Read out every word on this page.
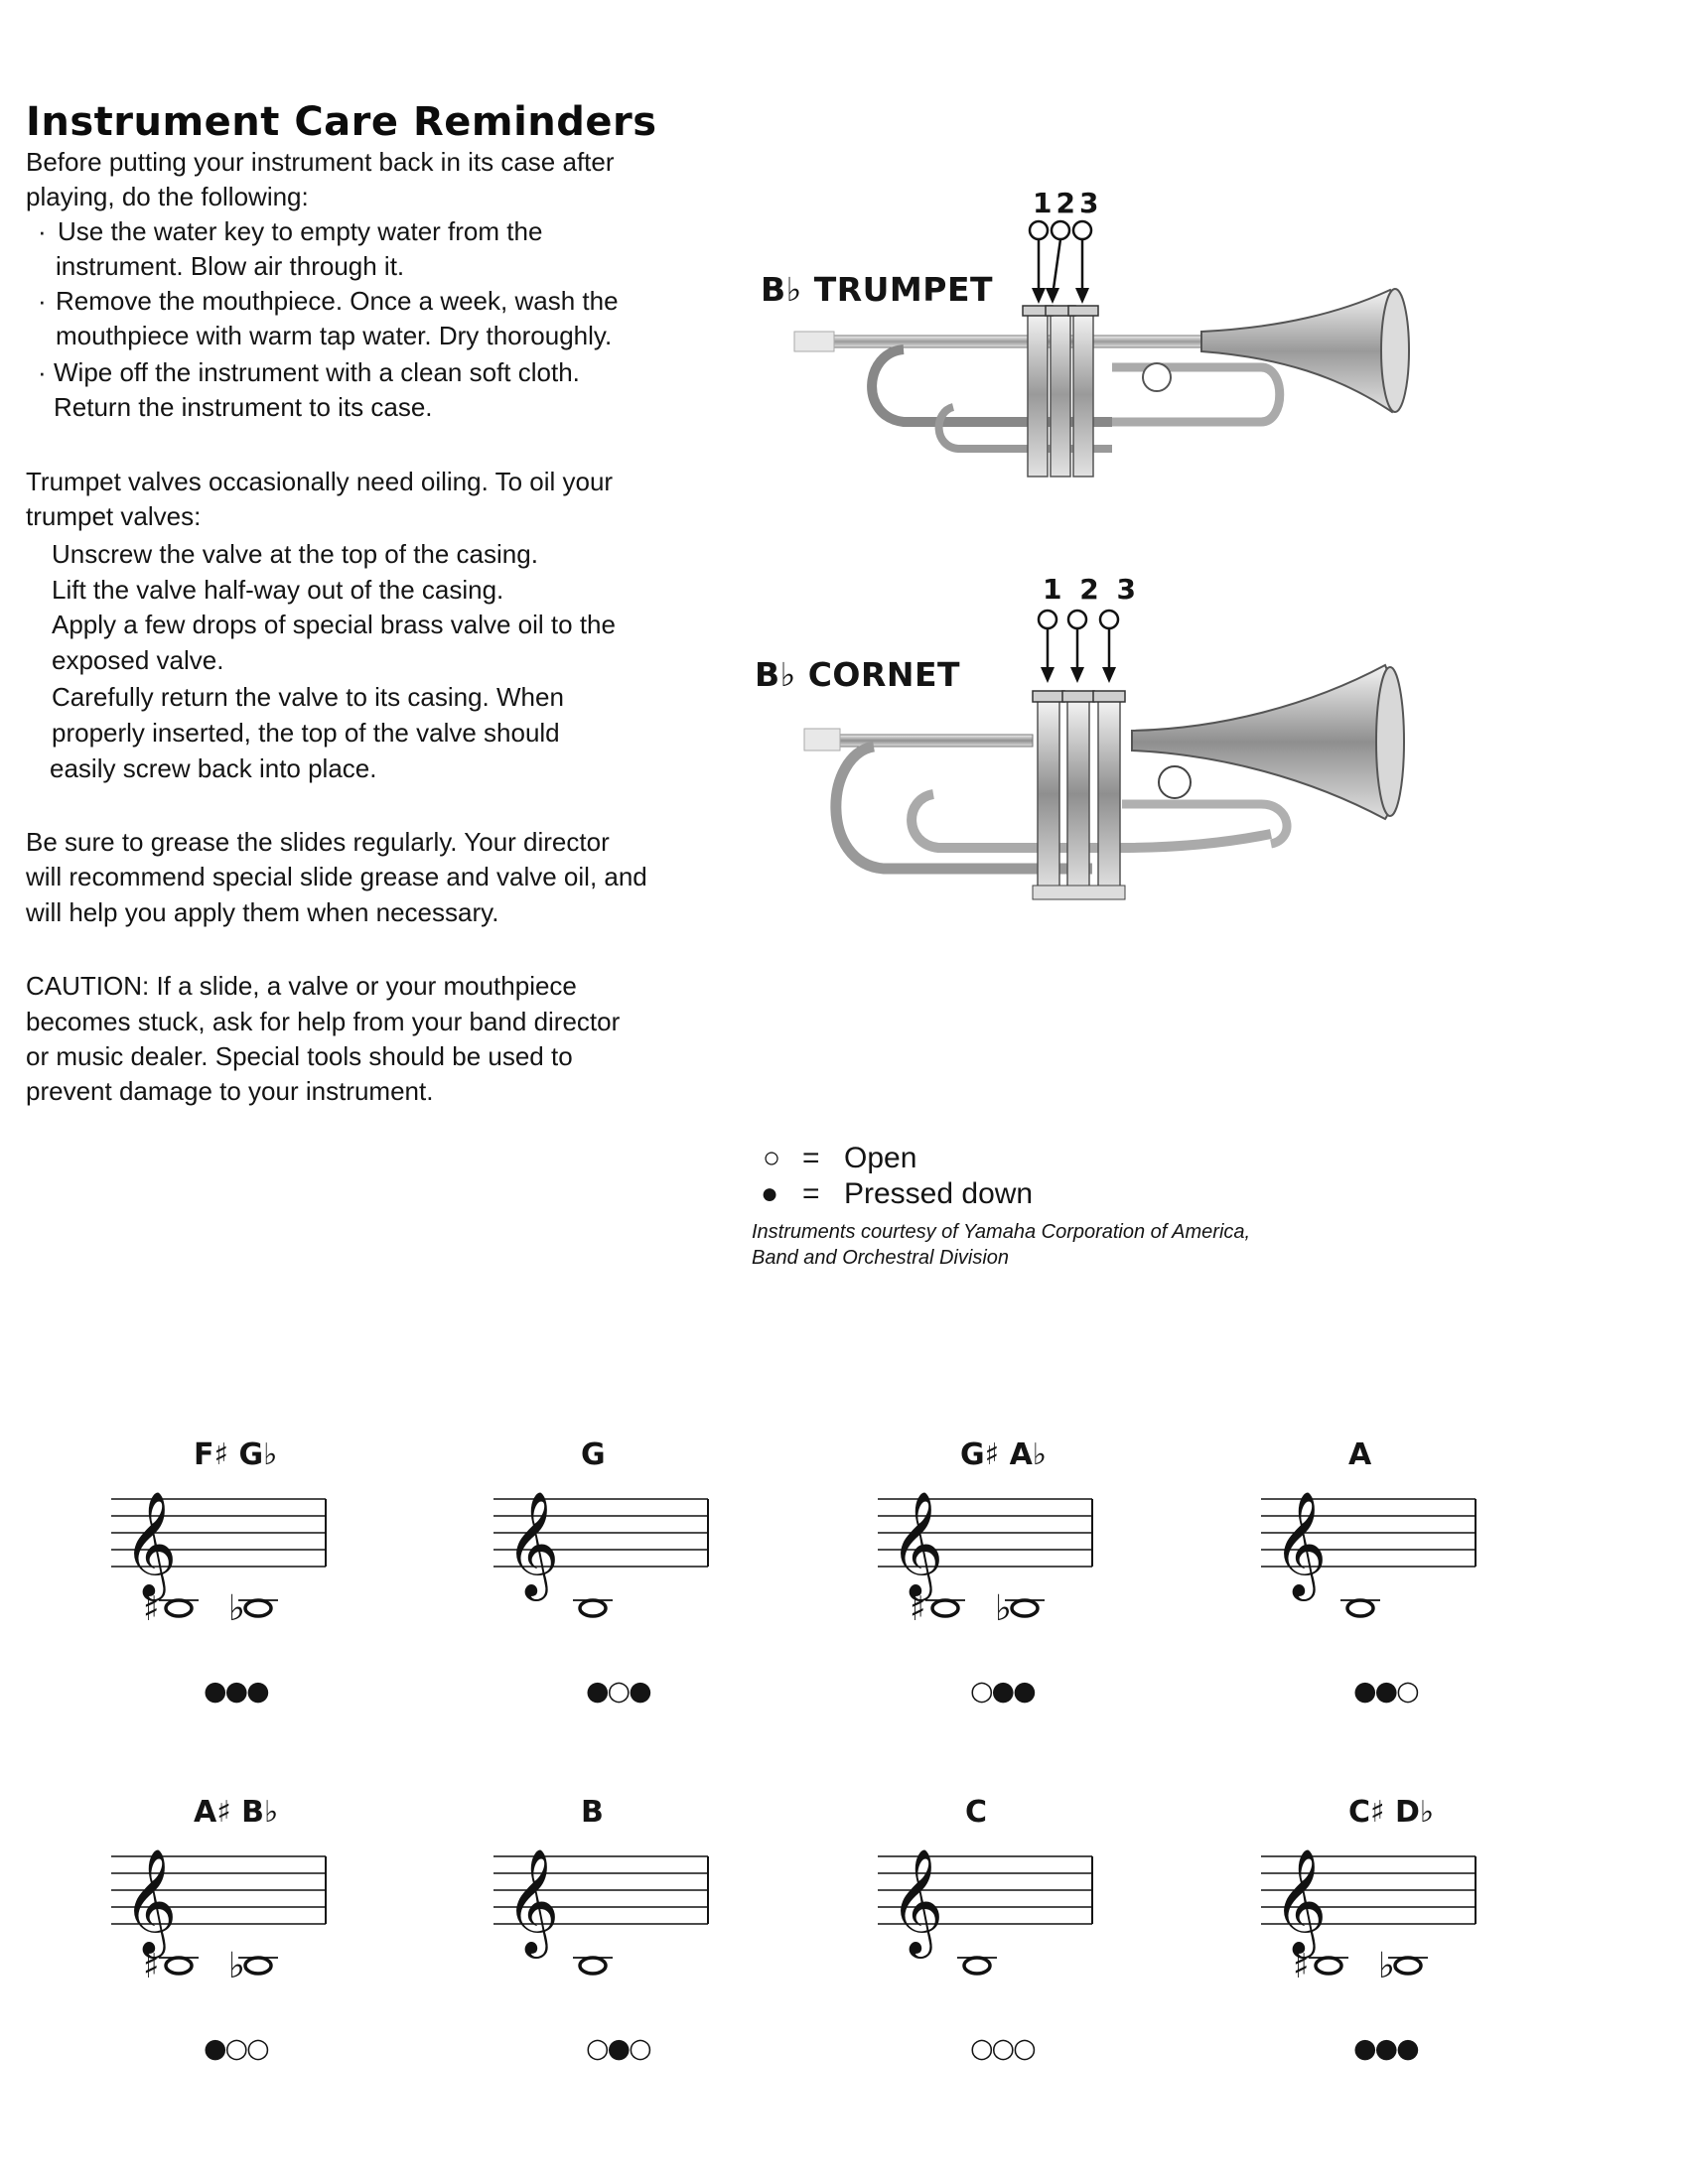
Instrument Care Reminders
Before putting your instrument back in its case after
playing, do the following:
· Use the water key to empty water from the
instrument. Blow air through it.
· Remove the mouthpiece. Once a week, wash the
mouthpiece with warm tap water. Dry thoroughly.
· Wipe off the instrument with a clean soft cloth.
Return the instrument to its case.
Trumpet valves occasionally need oiling. To oil your
trumpet valves:
Unscrew the valve at the top of the casing.
Lift the valve half-way out of the casing.
Apply a few drops of special brass valve oil to the
exposed valve.
Carefully return the valve to its casing. When
properly inserted, the top of the valve should
easily screw back into place.
Be sure to grease the slides regularly. Your director
will recommend special slide grease and valve oil, and
will help you apply them when necessary.
CAUTION: If a slide, a valve or your mouthpiece
becomes stuck, ask for help from your band director
or music dealer. Special tools should be used to
prevent damage to your instrument.
123
B♭ TRUMPET
1 2 3
B♭ CORNET
○ = Open
● = Pressed down
Instruments courtesy of Yamaha Corporation of America,
Band and Orchestral Division
F♯ G♭
𝄞
♯ ♭
●●●
G
𝄞
●○●
G♯ A♭
𝄞
♯ ♭
○●●
A
𝄞
●●○
A♯ B♭
𝄞
♯ ♭
●○○
B
𝄞
○●○
C
𝄞
○○○
C♯ D♭
𝄞
♯ ♭
●●●
